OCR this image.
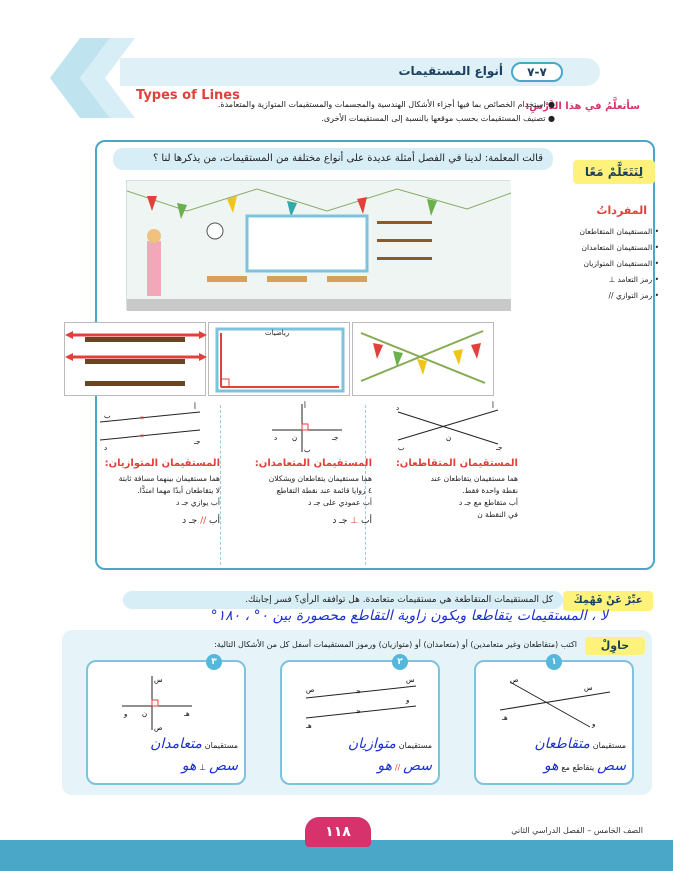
٧-٧
أنواع المستقيمات
Types of Lines
سأتعلَّمُ في هذا الدَّرْسِ:
● استخدام الخصائص بما فيها أجزاء الأشكال الهندسية والمجسمات والمستقيمات المتوازية والمتعامدة.
● تصنيف المستقيمات بحسب موقعها بالنسبة إلى المستقيمات الأخرى.
لِنَتَعَلَّمْ مَعًا
قالت المعلمة: لدينا في الفصل أمثلة عديدة على أنواع مختلفة من المستقيمات، من يذكرها لنا ؟
المفرداتُ
• المستقيمان المتقاطعان
• المستقيمان المتعامدان
• المستقيمان المتوازيان
• رمز التعامد ⊥
• رمز التوازي //
رياضيات
أ
ب	جـ
د
ن
المستقيمان المتقاطعان:
هما مستقيمان يتقاطعان عند
نقطة واحدة فقط.
أب متقاطع مع جـ د
في النقطة ن
أ
ب
جـ
د ن
المستقيمان المتعامدان:
هما مستقيمان يتقاطعان ويشكلان
٤ زوايا قائمة عند نقطة التقاطع
أب عمودي على جـ د
أب ⊥ جـ د
»
»
أ
ب
جـ
د
المستقيمان المتوازيان:
هما مستقيمان بينهما مسافة ثابتة
لا يتقاطعان أبدًا مهما امتدًّا.
أب يوازي جـ د
أب // جـ د
عبِّرْ عَنْ فَهْمِكَ
كل المستقيمات المتقاطعة هي مستقيمات متعامدة. هل توافقه الرأي؟ فسر إجابتك.
لا ، المستقيمات يتقاطعا ويكون زاوية التقاطع محصورة بين ٠° ، ١٨٠°
حاوِلْ
اكتب (متقاطعان وغير متعامدين) أو (متعامدان) أو (متوازيان) ورموز المستقيمات أسفل كل من الأشكال التالية:
١
ص
س
هـ
و
مستقيمان متقاطعان
سص يتقاطع مع هو
٢
»
»
ص
س
هـ
و
مستقيمان متوازيان
سص // هو
٣
س
ص
هـ
و ن
مستقيمان متعامدان
سص ⊥ هو
الصف الخامس – الفصل الدراسي الثاني
١١٨
